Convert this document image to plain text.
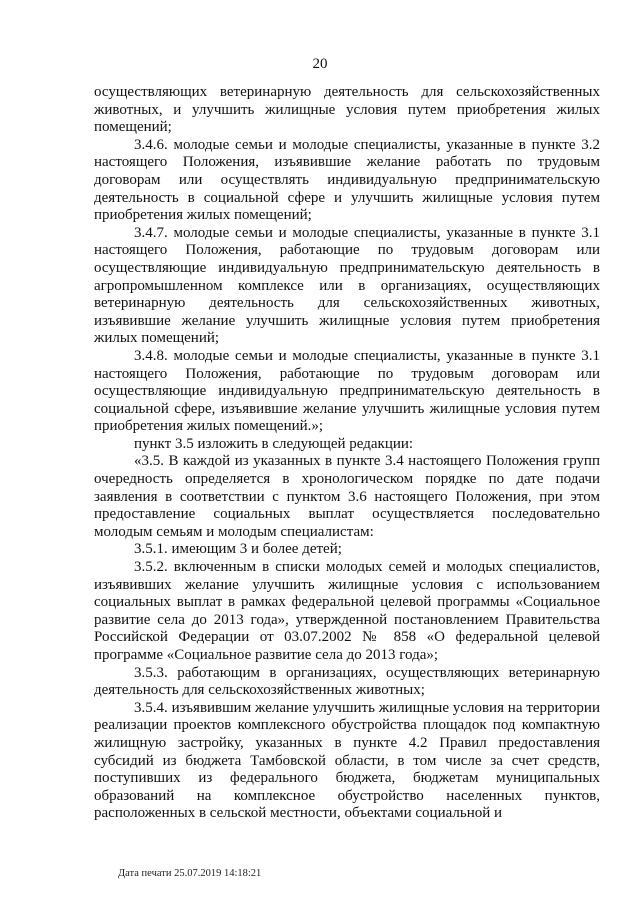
20

осуществляющих ветеринарную деятельность для сельскохозяйственных животных, и улучшить жилищные условия путем приобретения жилых помещений;

3.4.6. молодые семьи и молодые специалисты, указанные в пункте 3.2 настоящего Положения, изъявившие желание работать по трудовым договорам или осуществлять индивидуальную предпринимательскую деятельность в социальной сфере и улучшить жилищные условия путем приобретения жилых помещений;

3.4.7. молодые семьи и молодые специалисты, указанные в пункте 3.1 настоящего Положения, работающие по трудовым договорам или осуществляющие индивидуальную предпринимательскую деятельность в агропромышленном комплексе или в организациях, осуществляющих ветеринарную деятельность для сельскохозяйственных животных, изъявившие желание улучшить жилищные условия путем приобретения жилых помещений;

3.4.8. молодые семьи и молодые специалисты, указанные в пункте 3.1 настоящего Положения, работающие по трудовым договорам или осуществляющие индивидуальную предпринимательскую деятельность в социальной сфере, изъявившие желание улучшить жилищные условия путем приобретения жилых помещений.»;

пункт 3.5 изложить в следующей редакции:

«3.5. В каждой из указанных в пункте 3.4 настоящего Положения групп очередность определяется в хронологическом порядке по дате подачи заявления в соответствии с пунктом 3.6 настоящего Положения, при этом предоставление социальных выплат осуществляется последовательно молодым семьям и молодым специалистам:

3.5.1. имеющим 3 и более детей;

3.5.2. включенным в списки молодых семей и молодых специалистов, изъявивших желание улучшить жилищные условия с использованием социальных выплат в рамках федеральной целевой программы «Социальное развитие села до 2013 года», утвержденной постановлением Правительства Российской Федерации от 03.07.2002 № 858 «О федеральной целевой программе «Социальное развитие села до 2013 года»;

3.5.3. работающим в организациях, осуществляющих ветеринарную деятельность для сельскохозяйственных животных;

3.5.4. изъявившим желание улучшить жилищные условия на территории реализации проектов комплексного обустройства площадок под компактную жилищную застройку, указанных в пункте 4.2 Правил предоставления субсидий из бюджета Тамбовской области, в том числе за счет средств, поступивших из федерального бюджета, бюджетам муниципальных образований на комплексное обустройство населенных пунктов, расположенных в сельской местности, объектами социальной и

Дата печати 25.07.2019 14:18:21
